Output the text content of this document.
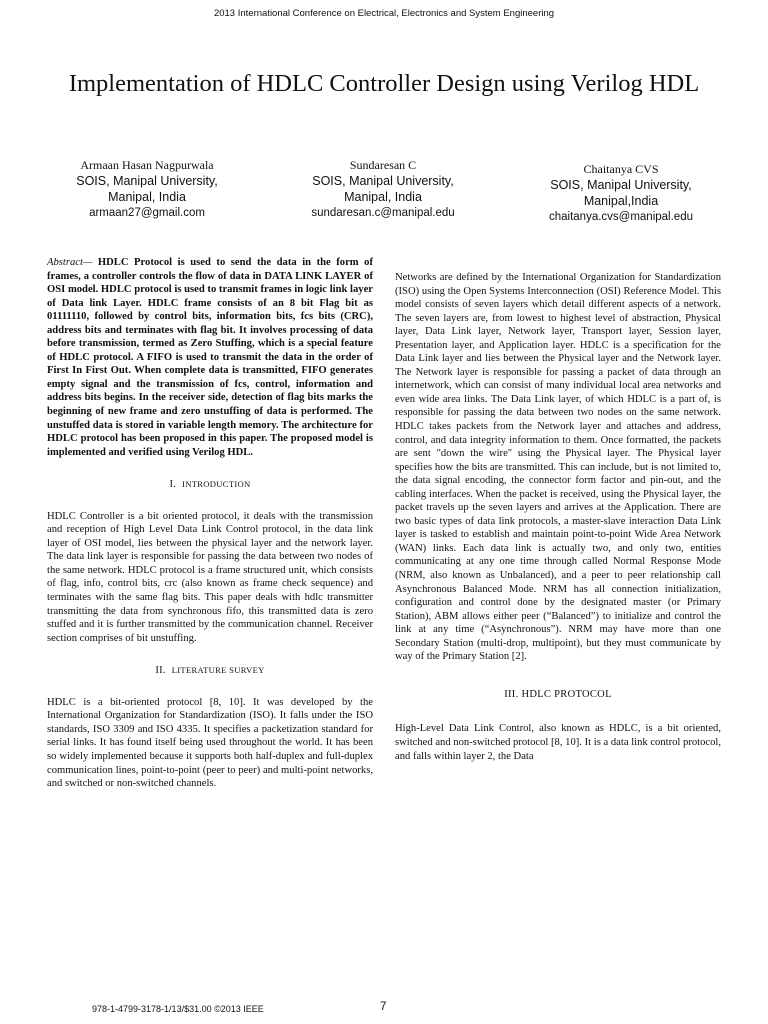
2013 International Conference on Electrical, Electronics and System Engineering
Implementation of HDLC Controller Design using Verilog HDL
Armaan Hasan Nagpurwala
SOIS, Manipal University,
Manipal, India
armaan27@gmail.com
Sundaresan C
SOIS, Manipal University,
Manipal, India
sundaresan.c@manipal.edu
Chaitanya CVS
SOIS, Manipal University,
Manipal,India
chaitanya.cvs@manipal.edu

Abstract— HDLC Protocol is used to send the data in the form of frames, a controller controls the flow of data in DATA LINK LAYER of OSI model. HDLC protocol is used to transmit frames in logic link layer of Data link Layer. HDLC frame consists of an 8 bit Flag bit as 01111110, followed by control bits, information bits, fcs bits (CRC), address bits and terminates with flag bit. It involves processing of data before transmission, termed as Zero Stuffing, which is a special feature of HDLC protocol. A FIFO is used to transmit the data in the order of First In First Out. When complete data is transmitted, FIFO generates empty signal and the transmission of fcs, control, information and address bits begins. In the receiver side, detection of flag bits marks the beginning of new frame and zero unstuffing of data is performed. The unstuffed data is stored in variable length memory. The architecture for HDLC protocol has been proposed in this paper. The proposed model is implemented and verified using Verilog HDL.

I. INTRODUCTION

HDLC Controller is a bit oriented protocol, it deals with the transmission and reception of High Level Data Link Control protocol, in the data link layer of OSI model, lies between the physical layer and the network layer. The data link layer is responsible for passing the data between two nodes of the same network. HDLC protocol is a frame structured unit, which consists of flag, info, control bits, crc (also known as frame check sequence) and terminates with the same flag bits. This paper deals with hdlc transmitter transmitting the data from synchronous fifo, this transmitted data is zero stuffed and it is further transmitted by the communication channel. Receiver section comprises of bit unstuffing.

II. LITERATURE SURVEY

HDLC is a bit-oriented protocol [8, 10]. It was developed by the International Organization for Standardization (ISO). It falls under the ISO standards, ISO 3309 and ISO 4335. It specifies a packetization standard for serial links. It has found itself being used throughout the world. It has been so widely implemented because it supports both half-duplex and full-duplex communication lines, point-to-point (peer to peer) and multi-point networks, and switched or non-switched channels.

Networks are defined by the International Organization for Standardization (ISO) using the Open Systems Interconnection (OSI) Reference Model. This model consists of seven layers which detail different aspects of a network. The seven layers are, from lowest to highest level of abstraction, Physical layer, Data Link layer, Network layer, Transport layer, Session layer, Presentation layer, and Application layer. HDLC is a specification for the Data Link layer and lies between the Physical layer and the Network layer. The Network layer is responsible for passing a packet of data through an internetwork, which can consist of many individual local area networks and even wide area links. The Data Link layer, of which HDLC is a part of, is responsible for passing the data between two nodes on the same network. HDLC takes packets from the Network layer and attaches and address, control, and data integrity information to them. Once formatted, the packets are sent "down the wire" using the Physical layer. The Physical layer specifies how the bits are transmitted. This can include, but is not limited to, the data signal encoding, the connector form factor and pin-out, and the cabling interfaces. When the packet is received, using the Physical layer, the packet travels up the seven layers and arrives at the Application. There are two basic types of data link protocols, a master-slave interaction Data Link layer is tasked to establish and maintain point-to-point Wide Area Network (WAN) links. Each data link is actually two, and only two, entities communicating at any one time through called Normal Response Mode (NRM, also known as Unbalanced), and a peer to peer relationship call Asynchronous Balanced Mode. NRM has all connection initialization, configuration and control done by the designated master (or Primary Station), ABM allows either peer (“Balanced”) to initialize and control the link at any time (“Asynchronous”). NRM may have more than one Secondary Station (multi-drop, multipoint), but they must communicate by way of the Primary Station [2].

III. HDLC PROTOCOL

High-Level Data Link Control, also known as HDLC, is a bit oriented, switched and non-switched protocol [8, 10]. It is a data link control protocol, and falls within layer 2, the Data

978-1-4799-3178-1/13/$31.00 ©2013 IEEE	7
